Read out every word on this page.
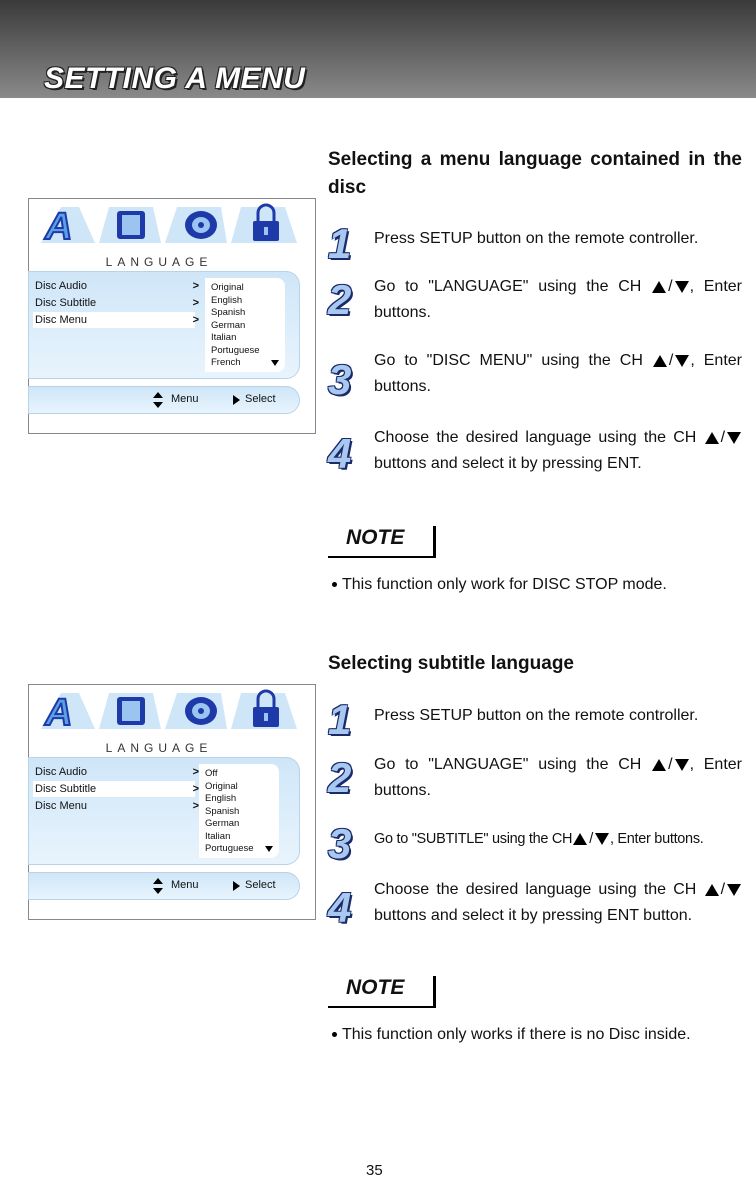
SETTING A MENU
Selecting a menu language contained in the disc
1 Press SETUP button on the remote controller.
2 Go to "LANGUAGE" using the CH / , Enter buttons.
3 Go to "DISC MENU" using the CH / , Enter buttons.
4 Choose the desired language using the CH / buttons and select it by pressing ENT.
NOTE
This function only work for DISC STOP mode.
Selecting subtitle language
1 Press SETUP button on the remote controller.
2 Go to "LANGUAGE" using the CH / , Enter buttons.
3 Go to "SUBTITLE" using the CH / , Enter buttons.
4 Choose the desired language using the CH / buttons and select it by pressing ENT button.
NOTE
This function only works if there is no Disc inside.
35
A
LANGUAGE
Disc Audio	>
Disc Subtitle	>
Disc Menu	>
Original
English
Spanish
German
Italian
Portuguese
French
Menu	Select
A
LANGUAGE
Disc Audio	>
Disc Subtitle	>
Disc Menu	>
Off
Original
English
Spanish
German
Italian
Portuguese
Menu	Select
